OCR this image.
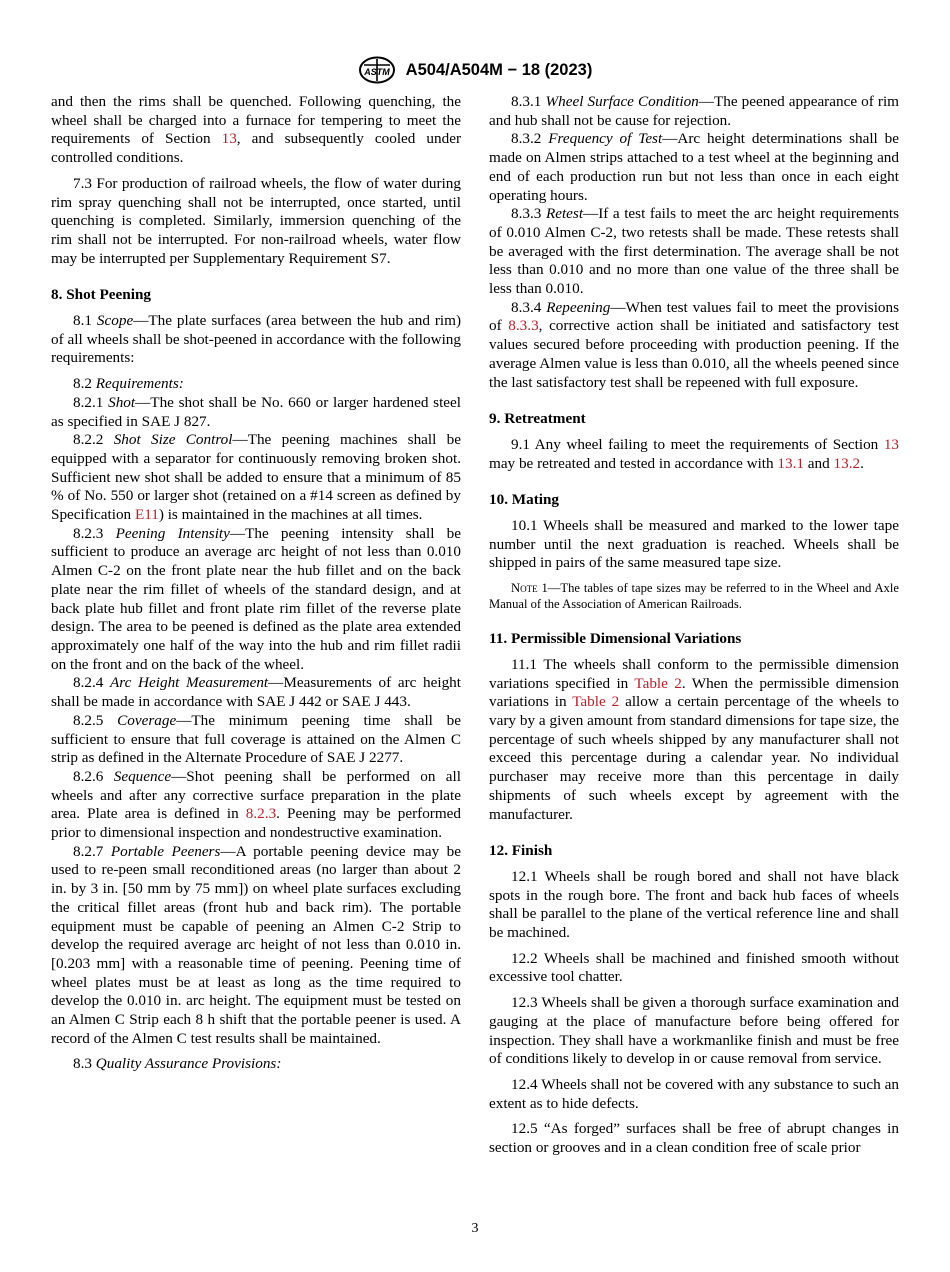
ASTM A504/A504M − 18 (2023)

and then the rims shall be quenched. Following quenching, the wheel shall be charged into a furnace for tempering to meet the requirements of Section 13, and subsequently cooled under controlled conditions.

7.3 For production of railroad wheels, the flow of water during rim spray quenching shall not be interrupted, once started, until quenching is completed. Similarly, immersion quenching of the rim shall not be interrupted. For non-railroad wheels, water flow may be interrupted per Supplementary Requirement S7.

8. Shot Peening

8.1 Scope—The plate surfaces (area between the hub and rim) of all wheels shall be shot-peened in accordance with the following requirements:

8.2 Requirements:

8.2.1 Shot—The shot shall be No. 660 or larger hardened steel as specified in SAE J 827.

8.2.2 Shot Size Control—The peening machines shall be equipped with a separator for continuously removing broken shot. Sufficient new shot shall be added to ensure that a minimum of 85 % of No. 550 or larger shot (retained on a #14 screen as defined by Specification E11) is maintained in the machines at all times.

8.2.3 Peening Intensity—The peening intensity shall be sufficient to produce an average arc height of not less than 0.010 Almen C-2 on the front plate near the hub fillet and on the back plate near the rim fillet of wheels of the standard design, and at back plate hub fillet and front plate rim fillet of the reverse plate design. The area to be peened is defined as the plate area extended approximately one half of the way into the hub and rim fillet radii on the front and on the back of the wheel.

8.2.4 Arc Height Measurement—Measurements of arc height shall be made in accordance with SAE J 442 or SAE J 443.

8.2.5 Coverage—The minimum peening time shall be sufficient to ensure that full coverage is attained on the Almen C strip as defined in the Alternate Procedure of SAE J 2277.

8.2.6 Sequence—Shot peening shall be performed on all wheels and after any corrective surface preparation in the plate area. Plate area is defined in 8.2.3. Peening may be performed prior to dimensional inspection and nondestructive examination.

8.2.7 Portable Peeners—A portable peening device may be used to re-peen small reconditioned areas (no larger than about 2 in. by 3 in. [50 mm by 75 mm]) on wheel plate surfaces excluding the critical fillet areas (front hub and back rim). The portable equipment must be capable of peening an Almen C-2 Strip to develop the required average arc height of not less than 0.010 in. [0.203 mm] with a reasonable time of peening. Peening time of wheel plates must be at least as long as the time required to develop the 0.010 in. arc height. The equipment must be tested on an Almen C Strip each 8 h shift that the portable peener is used. A record of the Almen C test results shall be maintained.

8.3 Quality Assurance Provisions:

8.3.1 Wheel Surface Condition—The peened appearance of rim and hub shall not be cause for rejection.

8.3.2 Frequency of Test—Arc height determinations shall be made on Almen strips attached to a test wheel at the beginning and end of each production run but not less than once in each eight operating hours.

8.3.3 Retest—If a test fails to meet the arc height requirements of 0.010 Almen C-2, two retests shall be made. These retests shall be averaged with the first determination. The average shall be not less than 0.010 and no more than one value of the three shall be less than 0.010.

8.3.4 Repeening—When test values fail to meet the provisions of 8.3.3, corrective action shall be initiated and satisfactory test values secured before proceeding with production peening. If the average Almen value is less than 0.010, all the wheels peened since the last satisfactory test shall be repeened with full exposure.

9. Retreatment

9.1 Any wheel failing to meet the requirements of Section 13 may be retreated and tested in accordance with 13.1 and 13.2.

10. Mating

10.1 Wheels shall be measured and marked to the lower tape number until the next graduation is reached. Wheels shall be shipped in pairs of the same measured tape size.

Note 1—The tables of tape sizes may be referred to in the Wheel and Axle Manual of the Association of American Railroads.

11. Permissible Dimensional Variations

11.1 The wheels shall conform to the permissible dimension variations specified in Table 2. When the permissible dimension variations in Table 2 allow a certain percentage of the wheels to vary by a given amount from standard dimensions for tape size, the percentage of such wheels shipped by any manufacturer shall not exceed this percentage during a calendar year. No individual purchaser may receive more than this percentage in daily shipments of such wheels except by agreement with the manufacturer.

12. Finish

12.1 Wheels shall be rough bored and shall not have black spots in the rough bore. The front and back hub faces of wheels shall be parallel to the plane of the vertical reference line and shall be machined.

12.2 Wheels shall be machined and finished smooth without excessive tool chatter.

12.3 Wheels shall be given a thorough surface examination and gauging at the place of manufacture before being offered for inspection. They shall have a workmanlike finish and must be free of conditions likely to develop in or cause removal from service.

12.4 Wheels shall not be covered with any substance to such an extent as to hide defects.

12.5 “As forged” surfaces shall be free of abrupt changes in section or grooves and in a clean condition free of scale prior

3
